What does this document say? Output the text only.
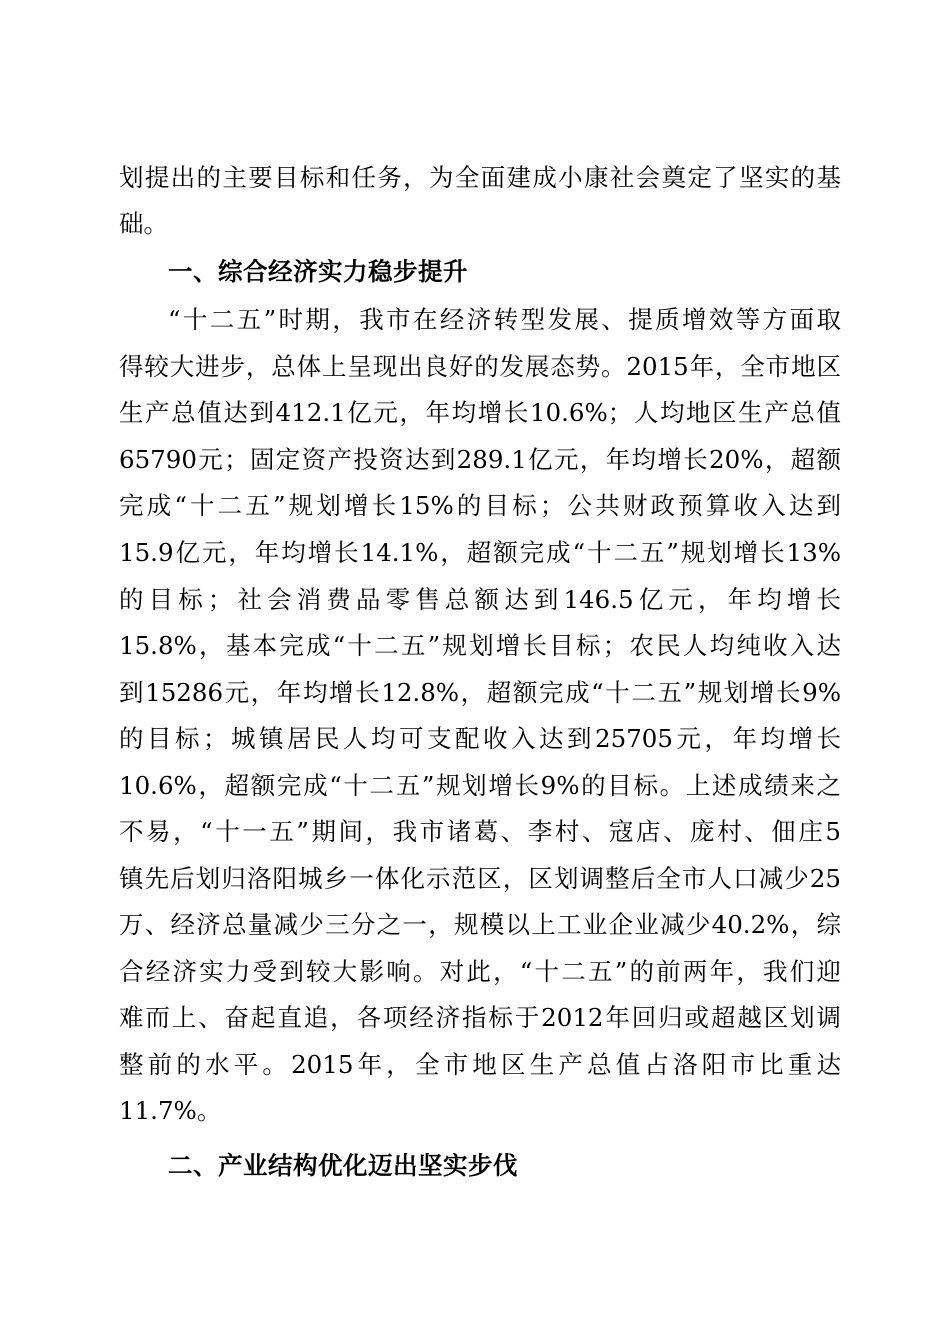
划提出的主要目标和任务，为全面建成小康社会奠定了坚实的基
础。
一、综合经济实力稳步提升
“十二五”时期，我市在经济转型发展、提质增效等方面取
得较大进步，总体上呈现出良好的发展态势。2015年，全市地区
生产总值达到412.1亿元，年均增长10.6%；人均地区生产总值
65790元；固定资产投资达到289.1亿元，年均增长20%，超额
完成“十二五”规划增长15%的目标；公共财政预算收入达到
15.9亿元，年均增长14.1%，超额完成“十二五”规划增长13%
的目标；社会消费品零售总额达到146.5亿元，年均增长
15.8%，基本完成“十二五”规划增长目标；农民人均纯收入达
到15286元，年均增长12.8%，超额完成“十二五”规划增长9%
的目标；城镇居民人均可支配收入达到25705元，年均增长
10.6%，超额完成“十二五”规划增长9%的目标。上述成绩来之
不易，“十一五”期间，我市诸葛、李村、寇店、庞村、佃庄5
镇先后划归洛阳城乡一体化示范区，区划调整后全市人口减少25
万、经济总量减少三分之一，规模以上工业企业减少40.2%，综
合经济实力受到较大影响。对此，“十二五”的前两年，我们迎
难而上、奋起直追，各项经济指标于2012年回归或超越区划调
整前的水平。2015年，全市地区生产总值占洛阳市比重达
11.7%。
二、产业结构优化迈出坚实步伐
